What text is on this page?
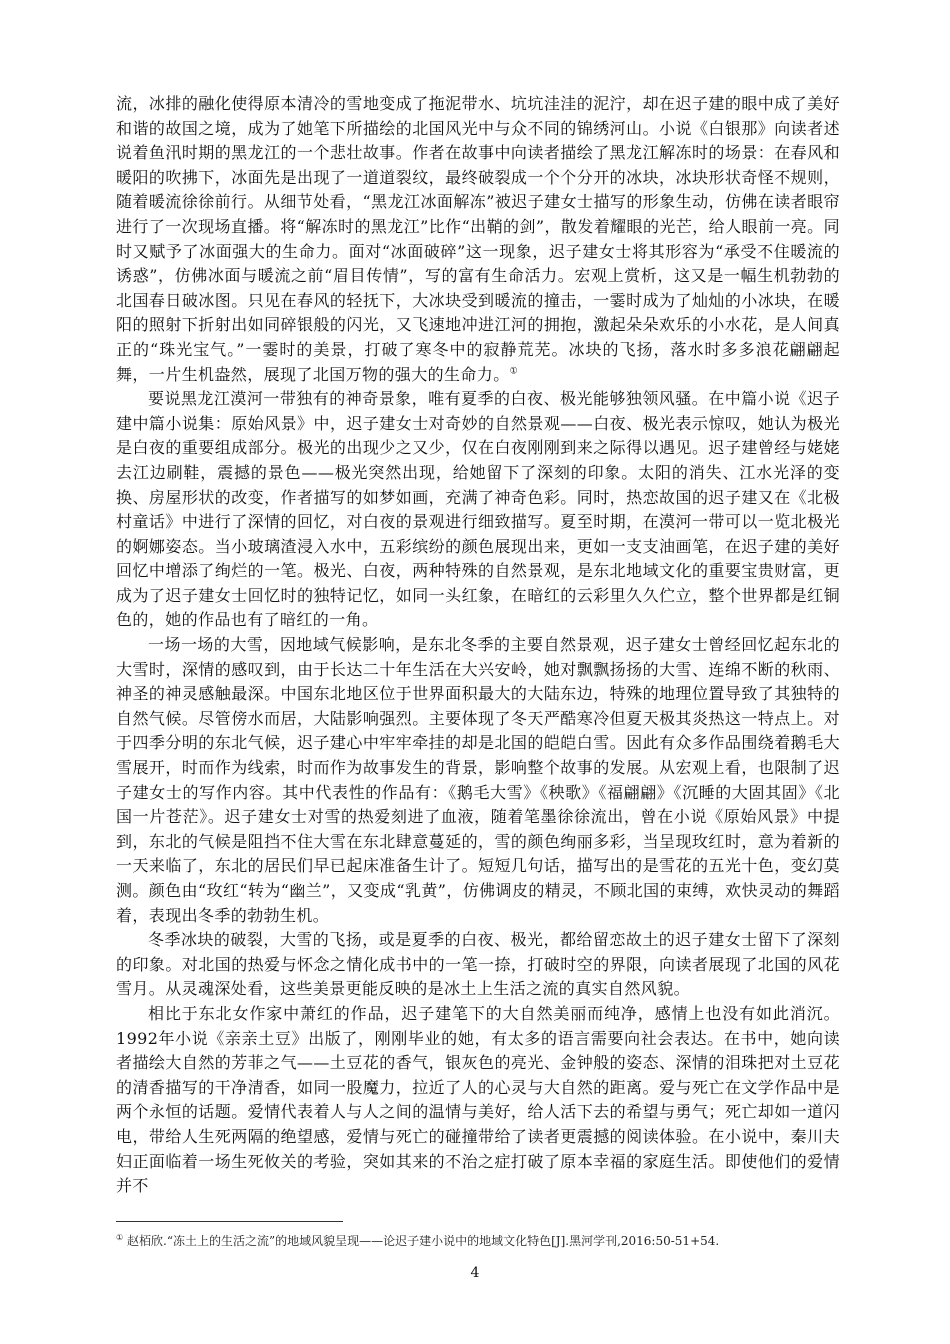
流，冰排的融化使得原本清冷的雪地变成了拖泥带水、坑坑洼洼的泥泞，却在迟子建的眼中成了美好和谐的故国之境，成为了她笔下所描绘的北国风光中与众不同的锦绣河山。小说《白银那》向读者述说着鱼汛时期的黑龙江的一个悲壮故事。作者在故事中向读者描绘了黑龙江解冻时的场景：在春风和暖阳的吹拂下，冰面先是出现了一道道裂纹，最终破裂成一个个分开的冰块，冰块形状奇怪不规则，随着暖流徐徐前行。从细节处看，“黑龙江冰面解冻”被迟子建女士描写的形象生动，仿佛在读者眼帘进行了一次现场直播。将“解冻时的黑龙江”比作“出鞘的剑”，散发着耀眼的光芒，给人眼前一亮。同时又赋予了冰面强大的生命力。面对“冰面破碎”这一现象，迟子建女士将其形容为“承受不住暖流的诱惑”，仿佛冰面与暖流之前“眉目传情”，写的富有生命活力。宏观上赏析，这又是一幅生机勃勃的北国春日破冰图。只见在春风的轻抚下，大冰块受到暖流的撞击，一霎时成为了灿灿的小冰块，在暖阳的照射下折射出如同碎银般的闪光，又飞速地冲进江河的拥抱，激起朵朵欢乐的小水花，是人间真正的“珠光宝气。”一霎时的美景，打破了寒冬中的寂静荒芜。冰块的飞扬，落水时多多浪花翩翩起舞，一片生机盎然，展现了北国万物的强大的生命力。①

要说黑龙江漠河一带独有的神奇景象，唯有夏季的白夜、极光能够独领风骚。在中篇小说《迟子建中篇小说集：原始风景》中，迟子建女士对奇妙的自然景观——白夜、极光表示惊叹，她认为极光是白夜的重要组成部分。极光的出现少之又少，仅在白夜刚刚到来之际得以遇见。迟子建曾经与姥姥去江边刷鞋，震撼的景色——极光突然出现，给她留下了深刻的印象。太阳的消失、江水光泽的变换、房屋形状的改变，作者描写的如梦如画，充满了神奇色彩。同时，热恋故国的迟子建又在《北极村童话》中进行了深情的回忆，对白夜的景观进行细致描写。夏至时期，在漠河一带可以一览北极光的婀娜姿态。当小玻璃渣浸入水中，五彩缤纷的颜色展现出来，更如一支支油画笔，在迟子建的美好回忆中增添了绚烂的一笔。极光、白夜，两种特殊的自然景观，是东北地域文化的重要宝贵财富，更成为了迟子建女士回忆时的独特记忆，如同一头红象，在暗红的云彩里久久伫立，整个世界都是红铜色的，她的作品也有了暗红的一角。

一场一场的大雪，因地域气候影响，是东北冬季的主要自然景观，迟子建女士曾经回忆起东北的大雪时，深情的感叹到，由于长达二十年生活在大兴安岭，她对飘飘扬扬的大雪、连绵不断的秋雨、神圣的神灵感触最深。中国东北地区位于世界面积最大的大陆东边，特殊的地理位置导致了其独特的自然气候。尽管傍水而居，大陆影响强烈。主要体现了冬天严酷寒冷但夏天极其炎热这一特点上。对于四季分明的东北气候，迟子建心中牢牢牵挂的却是北国的皑皑白雪。因此有众多作品围绕着鹅毛大雪展开，时而作为线索，时而作为故事发生的背景，影响整个故事的发展。从宏观上看，也限制了迟子建女士的写作内容。其中代表性的作品有：《鹅毛大雪》《秧歌》《福翩翩》《沉睡的大固其固》《北国一片苍茫》。迟子建女士对雪的热爱刻进了血液，随着笔墨徐徐流出，曾在小说《原始风景》中提到，东北的气候是阻挡不住大雪在东北肆意蔓延的，雪的颜色绚丽多彩，当呈现玫红时，意为着新的一天来临了，东北的居民们早已起床准备生计了。短短几句话，描写出的是雪花的五光十色，变幻莫测。颜色由“玫红“转为“幽兰”，又变成“乳黄”，仿佛调皮的精灵，不顾北国的束缚，欢快灵动的舞蹈着，表现出冬季的勃勃生机。

冬季冰块的破裂，大雪的飞扬，或是夏季的白夜、极光，都给留恋故土的迟子建女士留下了深刻的印象。对北国的热爱与怀念之情化成书中的一笔一捺，打破时空的界限，向读者展现了北国的风花雪月。从灵魂深处看，这些美景更能反映的是冰土上生活之流的真实自然风貌。

相比于东北女作家中萧红的作品，迟子建笔下的大自然美丽而纯净，感情上也没有如此消沉。1992年小说《亲亲土豆》出版了，刚刚毕业的她，有太多的语言需要向社会表达。在书中，她向读者描绘大自然的芳菲之气——土豆花的香气，银灰色的亮光、金钟般的姿态、深情的泪珠把对土豆花的清香描写的干净清香，如同一股魔力，拉近了人的心灵与大自然的距离。爱与死亡在文学作品中是两个永恒的话题。爱情代表着人与人之间的温情与美好，给人活下去的希望与勇气；死亡却如一道闪电，带给人生死两隔的绝望感，爱情与死亡的碰撞带给了读者更震撼的阅读体验。在小说中，秦川夫妇正面临着一场生死攸关的考验，突如其来的不治之症打破了原本幸福的家庭生活。即使他们的爱情并不

① 赵栢欣.“冻土上的生活之流”的地域风貌呈现——论迟子建小说中的地域文化特色[J].黑河学刊,2016:50-51+54.
4
